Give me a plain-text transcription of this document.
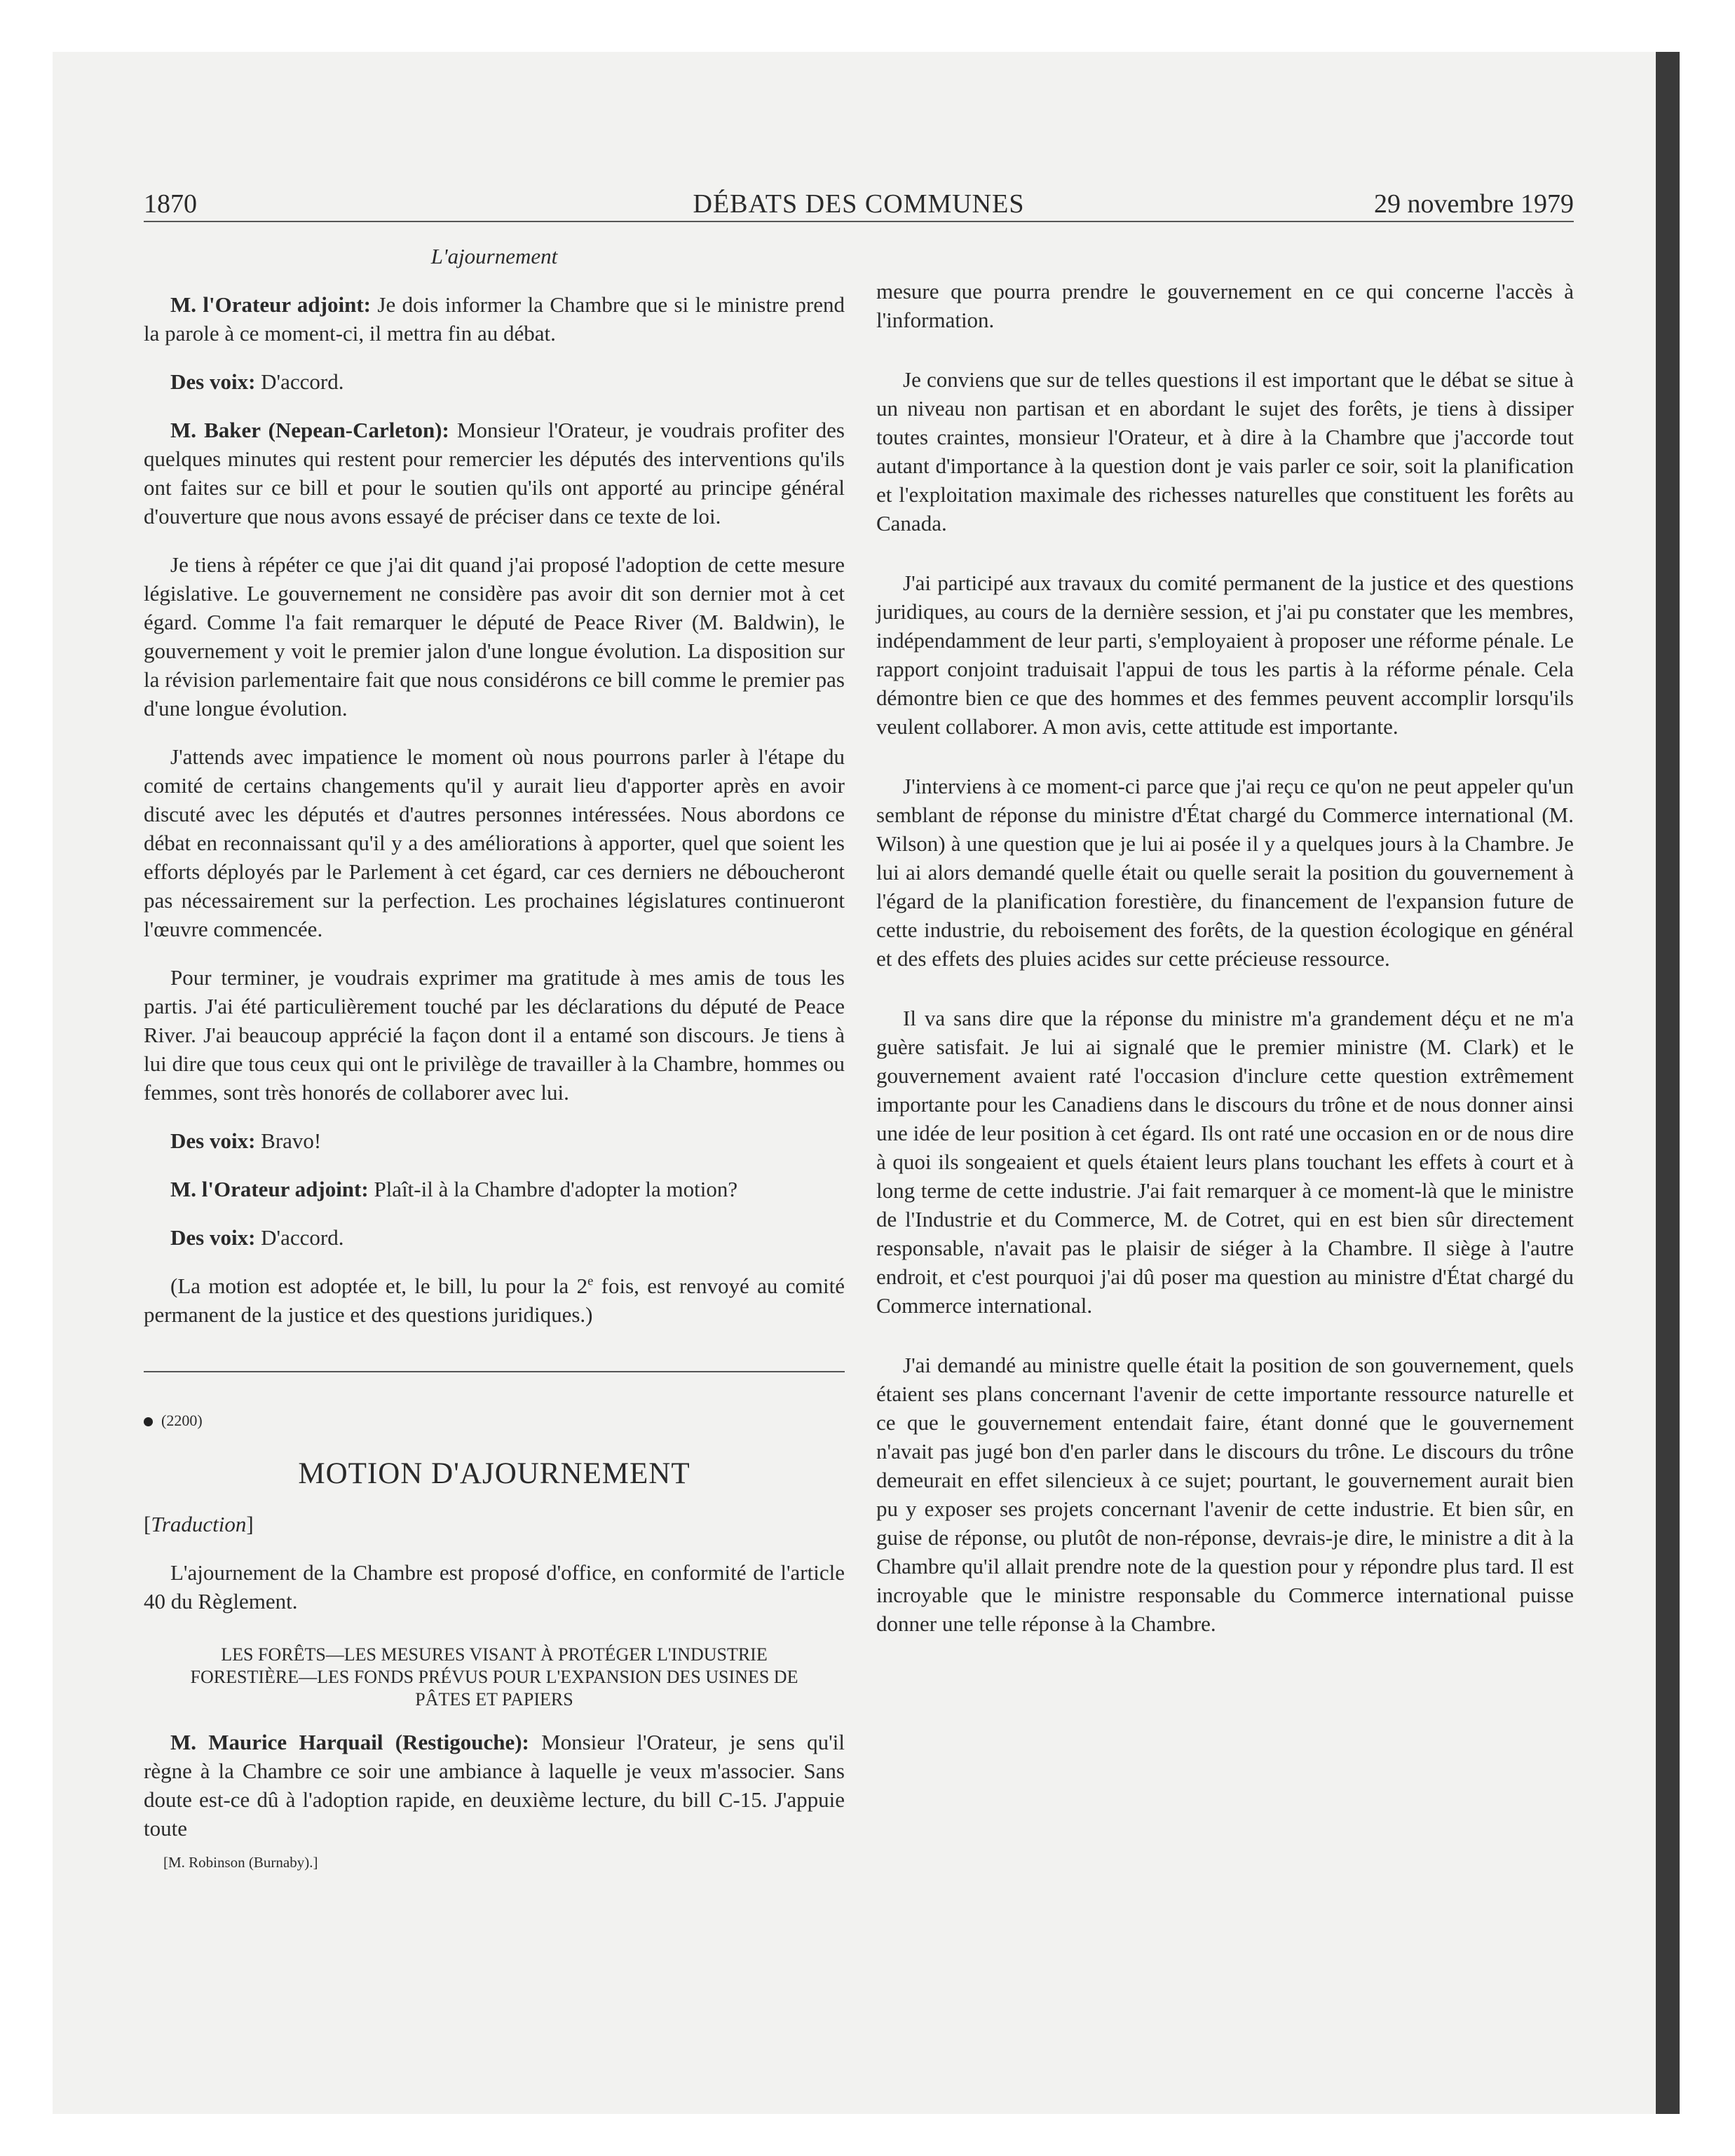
1870	DÉBATS DES COMMUNES	29 novembre 1979

L'ajournement

M. l'Orateur adjoint: Je dois informer la Chambre que si le ministre prend la parole à ce moment-ci, il mettra fin au débat.

Des voix: D'accord.

M. Baker (Nepean-Carleton): Monsieur l'Orateur, je voudrais profiter des quelques minutes qui restent pour remercier les députés des interventions qu'ils ont faites sur ce bill et pour le soutien qu'ils ont apporté au principe général d'ouverture que nous avons essayé de préciser dans ce texte de loi.

Je tiens à répéter ce que j'ai dit quand j'ai proposé l'adoption de cette mesure législative. Le gouvernement ne considère pas avoir dit son dernier mot à cet égard. Comme l'a fait remarquer le député de Peace River (M. Baldwin), le gouvernement y voit le premier jalon d'une longue évolution. La disposition sur la révision parlementaire fait que nous considérons ce bill comme le premier pas d'une longue évolution.

J'attends avec impatience le moment où nous pourrons parler à l'étape du comité de certains changements qu'il y aurait lieu d'apporter après en avoir discuté avec les députés et d'autres personnes intéressées. Nous abordons ce débat en reconnaissant qu'il y a des améliorations à apporter, quel que soient les efforts déployés par le Parlement à cet égard, car ces derniers ne déboucheront pas nécessairement sur la perfection. Les prochaines législatures continueront l'œuvre commencée.

Pour terminer, je voudrais exprimer ma gratitude à mes amis de tous les partis. J'ai été particulièrement touché par les déclarations du député de Peace River. J'ai beaucoup apprécié la façon dont il a entamé son discours. Je tiens à lui dire que tous ceux qui ont le privilège de travailler à la Chambre, hommes ou femmes, sont très honorés de collaborer avec lui.

Des voix: Bravo!

M. l'Orateur adjoint: Plaît-il à la Chambre d'adopter la motion?

Des voix: D'accord.

(La motion est adoptée et, le bill, lu pour la 2e fois, est renvoyé au comité permanent de la justice et des questions juridiques.)

(2200)

MOTION D'AJOURNEMENT

[Traduction]

L'ajournement de la Chambre est proposé d'office, en conformité de l'article 40 du Règlement.

LES FORÊTS—LES MESURES VISANT À PROTÉGER L'INDUSTRIE FORESTIÈRE—LES FONDS PRÉVUS POUR L'EXPANSION DES USINES DE PÂTES ET PAPIERS

M. Maurice Harquail (Restigouche): Monsieur l'Orateur, je sens qu'il règne à la Chambre ce soir une ambiance à laquelle je veux m'associer. Sans doute est-ce dû à l'adoption rapide, en deuxième lecture, du bill C-15. J'appuie toute

[M. Robinson (Burnaby).]

mesure que pourra prendre le gouvernement en ce qui concerne l'accès à l'information.

Je conviens que sur de telles questions il est important que le débat se situe à un niveau non partisan et en abordant le sujet des forêts, je tiens à dissiper toutes craintes, monsieur l'Orateur, et à dire à la Chambre que j'accorde tout autant d'importance à la question dont je vais parler ce soir, soit la planification et l'exploitation maximale des richesses naturelles que constituent les forêts au Canada.

J'ai participé aux travaux du comité permanent de la justice et des questions juridiques, au cours de la dernière session, et j'ai pu constater que les membres, indépendamment de leur parti, s'employaient à proposer une réforme pénale. Le rapport conjoint traduisait l'appui de tous les partis à la réforme pénale. Cela démontre bien ce que des hommes et des femmes peuvent accomplir lorsqu'ils veulent collaborer. A mon avis, cette attitude est importante.

J'interviens à ce moment-ci parce que j'ai reçu ce qu'on ne peut appeler qu'un semblant de réponse du ministre d'État chargé du Commerce international (M. Wilson) à une question que je lui ai posée il y a quelques jours à la Chambre. Je lui ai alors demandé quelle était ou quelle serait la position du gouvernement à l'égard de la planification forestière, du financement de l'expansion future de cette industrie, du reboisement des forêts, de la question écologique en général et des effets des pluies acides sur cette précieuse ressource.

Il va sans dire que la réponse du ministre m'a grandement déçu et ne m'a guère satisfait. Je lui ai signalé que le premier ministre (M. Clark) et le gouvernement avaient raté l'occasion d'inclure cette question extrêmement importante pour les Canadiens dans le discours du trône et de nous donner ainsi une idée de leur position à cet égard. Ils ont raté une occasion en or de nous dire à quoi ils songeaient et quels étaient leurs plans touchant les effets à court et à long terme de cette industrie. J'ai fait remarquer à ce moment-là que le ministre de l'Industrie et du Commerce, M. de Cotret, qui en est bien sûr directement responsable, n'avait pas le plaisir de siéger à la Chambre. Il siège à l'autre endroit, et c'est pourquoi j'ai dû poser ma question au ministre d'État chargé du Commerce international.

J'ai demandé au ministre quelle était la position de son gouvernement, quels étaient ses plans concernant l'avenir de cette importante ressource naturelle et ce que le gouvernement entendait faire, étant donné que le gouvernement n'avait pas jugé bon d'en parler dans le discours du trône. Le discours du trône demeurait en effet silencieux à ce sujet; pourtant, le gouvernement aurait bien pu y exposer ses projets concernant l'avenir de cette industrie. Et bien sûr, en guise de réponse, ou plutôt de non-réponse, devrais-je dire, le ministre a dit à la Chambre qu'il allait prendre note de la question pour y répondre plus tard. Il est incroyable que le ministre responsable du Commerce international puisse donner une telle réponse à la Chambre.
